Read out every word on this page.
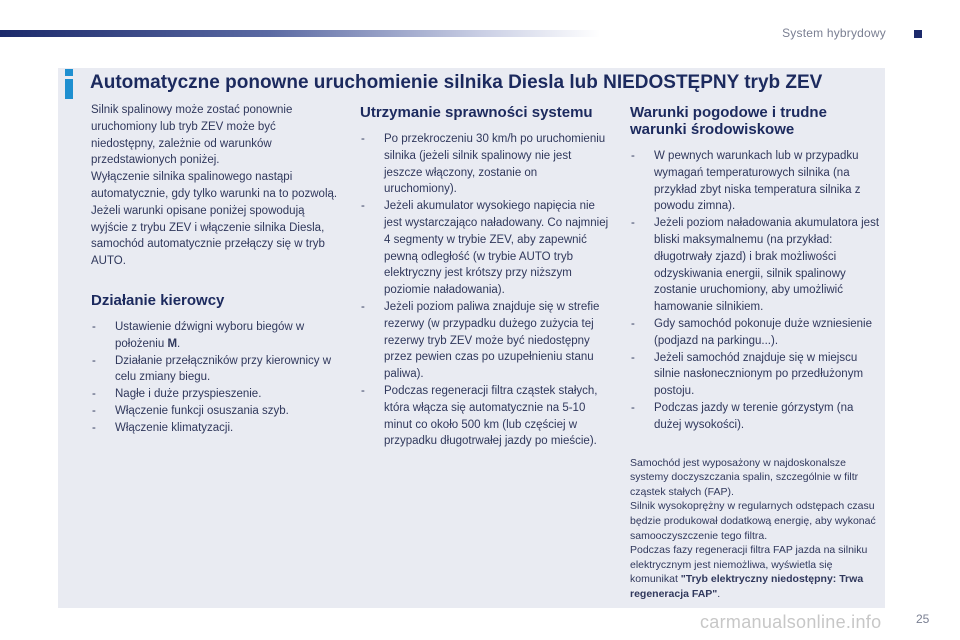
System hybrydowy
Automatyczne ponowne uruchomienie silnika Diesla lub NIEDOSTĘPNY tryb ZEV

Silnik spalinowy może zostać ponownie uruchomiony lub tryb ZEV może być niedostępny, zależnie od warunków przedstawionych poniżej.

Wyłączenie silnika spalinowego nastąpi automatycznie, gdy tylko warunki na to pozwolą.

Jeżeli warunki opisane poniżej spowodują wyjście z trybu ZEV i włączenie silnika Diesla, samochód automatycznie przełączy się w tryb AUTO.

Działanie kierowcy
- Ustawienie dźwigni wyboru biegów w położeniu M.
- Działanie przełączników przy kierownicy w celu zmiany biegu.
- Nagłe i duże przyspieszenie.
- Włączenie funkcji osuszania szyb.
- Włączenie klimatyzacji.
Utrzymanie sprawności systemu
- Po przekroczeniu 30 km/h po uruchomieniu silnika (jeżeli silnik spalinowy nie jest jeszcze włączony, zostanie on uruchomiony).
- Jeżeli akumulator wysokiego napięcia nie jest wystarczająco naładowany. Co najmniej 4 segmenty w trybie ZEV, aby zapewnić pewną odległość (w trybie AUTO tryb elektryczny jest krótszy przy niższym poziomie naładowania).
- Jeżeli poziom paliwa znajduje się w strefie rezerwy (w przypadku dużego zużycia tej rezerwy tryb ZEV może być niedostępny przez pewien czas po uzupełnieniu stanu paliwa).
- Podczas regeneracji filtra cząstek stałych, która włącza się automatycznie na 5-10 minut co około 500 km (lub częściej w przypadku długotrwałej jazdy po mieście).
Warunki pogodowe i trudne warunki środowiskowe
- W pewnych warunkach lub w przypadku wymagań temperaturowych silnika (na przykład zbyt niska temperatura silnika z powodu zimna).
- Jeżeli poziom naładowania akumulatora jest bliski maksymalnemu (na przykład: długotrwały zjazd) i brak możliwości odzyskiwania energii, silnik spalinowy zostanie uruchomiony, aby umożliwić hamowanie silnikiem.
- Gdy samochód pokonuje duże wzniesienie (podjazd na parkingu...).
- Jeżeli samochód znajduje się w miejscu silnie nasłonecznionym po przedłużonym postoju.
- Podczas jazdy w terenie górzystym (na dużej wysokości).
Samochód jest wyposażony w najdoskonalsze systemy doczyszczania spalin, szczególnie w filtr cząstek stałych (FAP).
Silnik wysokoprężny w regularnych odstępach czasu będzie produkował dodatkową energię, aby wykonać samooczyszczenie tego filtra.
Podczas fazy regeneracji filtra FAP jazda na silniku elektrycznym jest niemożliwa, wyświetla się komunikat "Tryb elektryczny niedostępny: Trwa regeneracja FAP".
carmanualsonline.info	25
